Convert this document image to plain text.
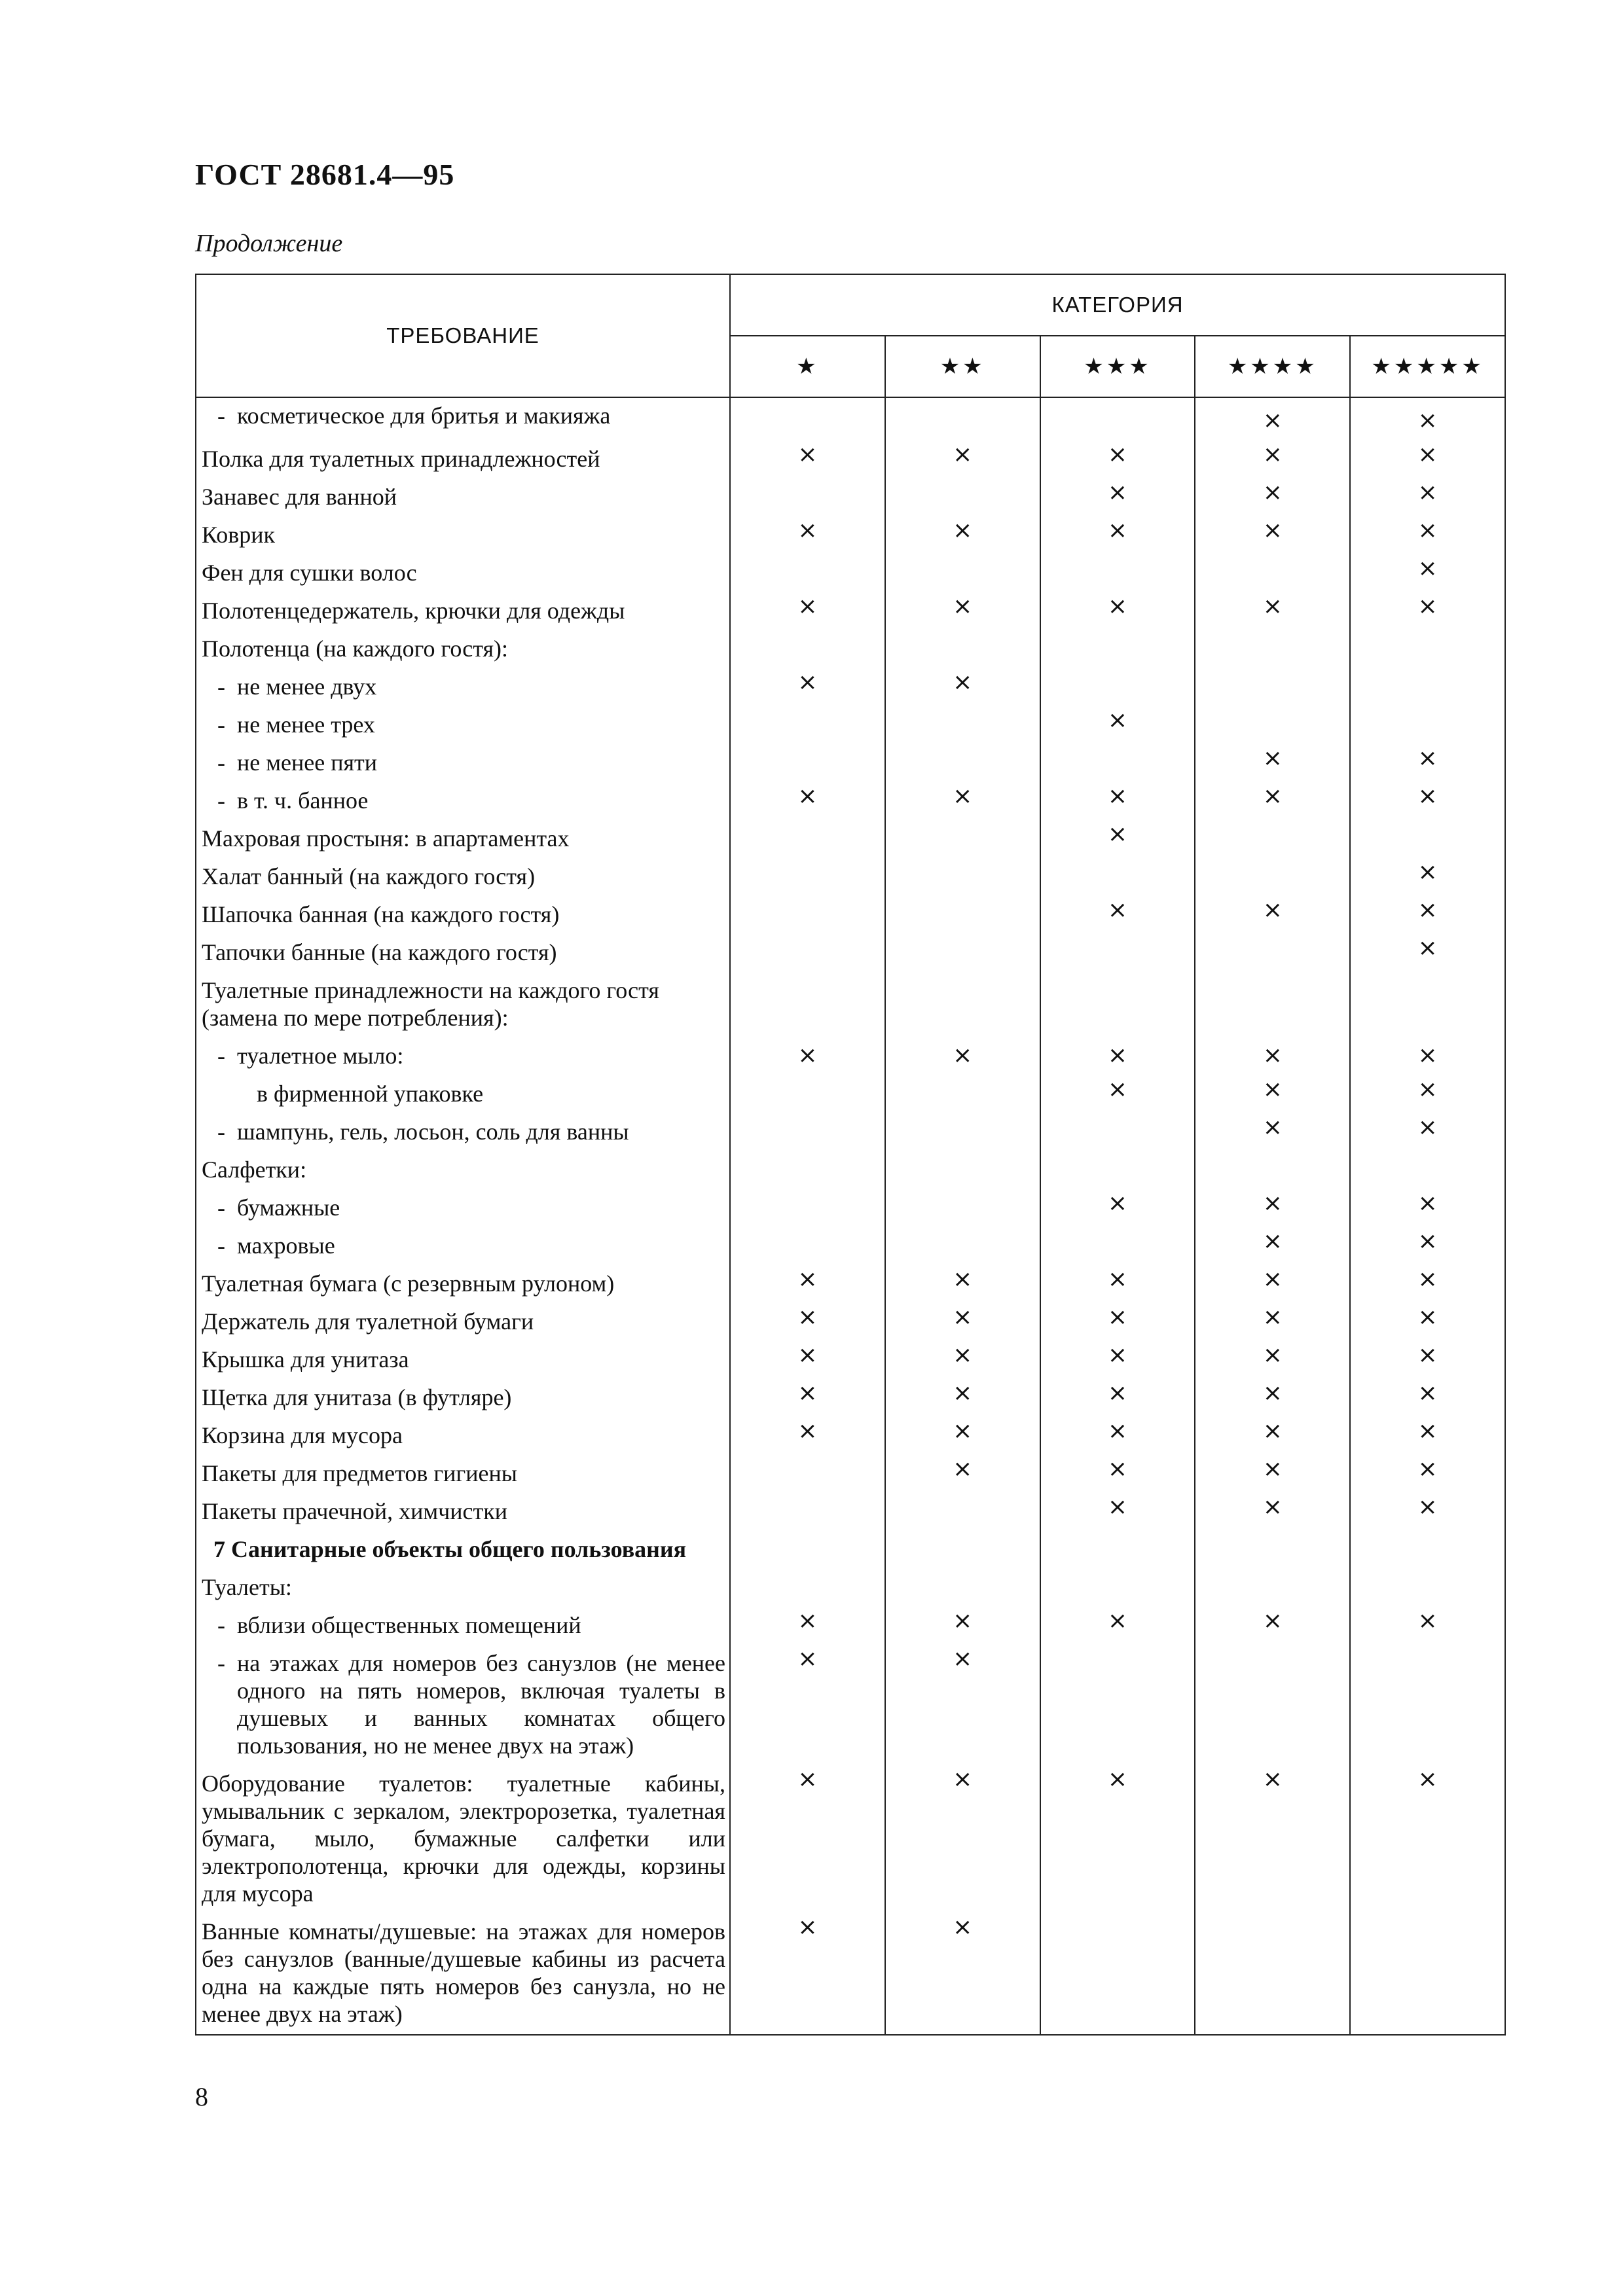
ГОСТ 28681.4—95
Продолжение
ТРЕБОВАНИЕ	КАТЕГОРИЯ				
	★	★★	★★★	★★★★	★★★★★

- косметическое для бритья и макияжа				×	×

Полка для туалетных принадлежностей	×	×	×	×	×

Занавес для ванной			×	×	×

Коврик	×	×	×	×	×

Фен для сушки волос					×

Полотенцедержатель, крючки для одежды	×	×	×	×	×

Полотенца (на каждого гостя):					

- не менее двух	×	×			

- не менее трех			×		

- не менее пяти				×	×

- в т. ч. банное	×	×	×	×	×

Махровая простыня: в апартаментах			×		

Халат банный (на каждого гостя)					×

Шапочка банная (на каждого гостя)			×	×	×

Тапочки банные (на каждого гостя)					×

Туалетные принадлежности на каждого гостя (замена по мере потребления):					

- туалетное мыло:	×	×	×	×	×

в фирменной упаковке			×	×	×

- шампунь, гель, лосьон, соль для ванны				×	×

Салфетки:					

- бумажные			×	×	×

- махровые				×	×

Туалетная бумага (с резервным рулоном)	×	×	×	×	×

Держатель для туалетной бумаги	×	×	×	×	×

Крышка для унитаза	×	×	×	×	×

Щетка для унитаза (в футляре)	×	×	×	×	×

Корзина для мусора	×	×	×	×	×

Пакеты для предметов гигиены		×	×	×	×

Пакеты прачечной, химчистки			×	×	×

7 Санитарные объекты общего пользования					

Туалеты:					

- вблизи общественных помещений	×	×	×	×	×

- на этажах для номеров без санузлов (не менее одного на пять номеров, включая туалеты в душевых и ванных комнатах общего пользования, но не менее двух на этаж)	×	×			

Оборудование туалетов: туалетные кабины, умывальник с зеркалом, электророзетка, туалетная бумага, мыло, бумажные салфетки или электрополотенца, крючки для одежды, корзины для мусора	×	×	×	×	×

Ванные комнаты/душевые: на этажах для номеров без санузлов (ванные/душевые кабины из расчета одна на каждые пять номеров без санузла, но не менее двух на этаж)	×	×			
8
